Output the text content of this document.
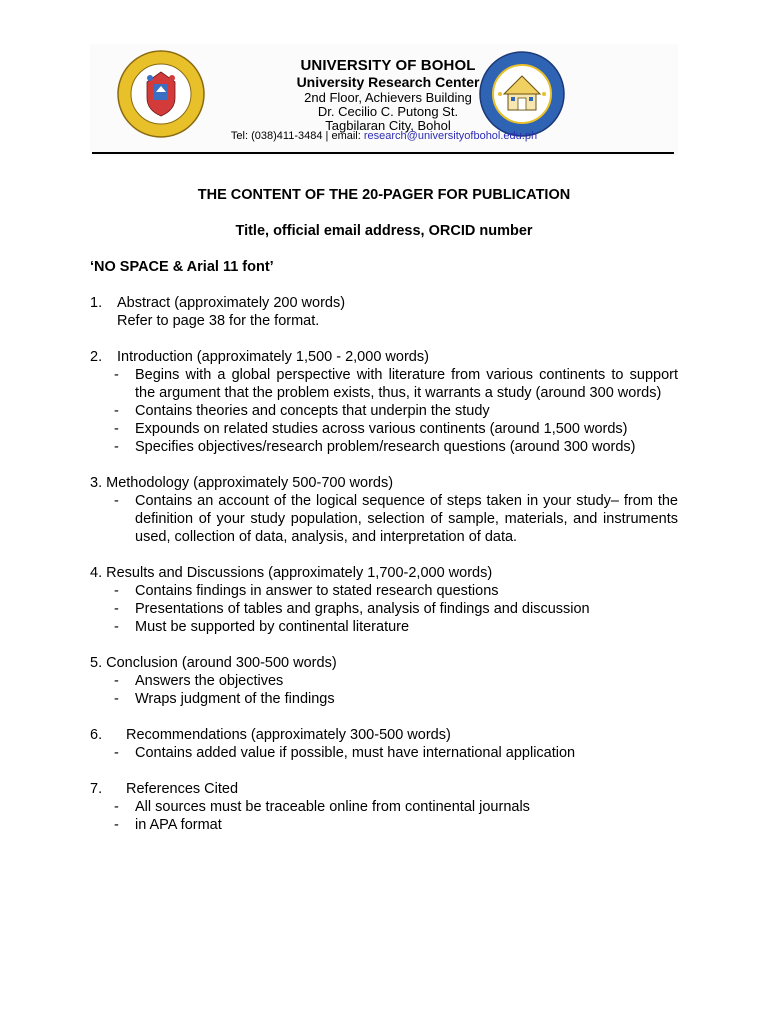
UNIVERSITY OF BOHOL
University Research Center
2nd Floor, Achievers Building
Dr. Cecilio C. Putong St.
Tagbilaran City, Bohol
Tel: (038)411-3484 | email: research@universityofbohol.edu.ph
THE CONTENT OF THE 20-PAGER FOR PUBLICATION
Title, official email address, ORCID number
‘NO SPACE & Arial 11 font’
1. Abstract (approximately 200 words)
Refer to page 38 for the format.
2. Introduction (approximately 1,500 - 2,000 words)
- Begins with a global perspective with literature from various continents to support the argument that the problem exists, thus, it warrants a study (around 300 words)
- Contains theories and concepts that underpin the study
- Expounds on related studies across various continents (around 1,500 words)
- Specifies objectives/research problem/research questions (around 300 words)
3. Methodology (approximately 500-700 words)
- Contains an account of the logical sequence of steps taken in your study– from the definition of your study population, selection of sample, materials, and instruments used, collection of data, analysis, and interpretation of data.
4. Results and Discussions (approximately 1,700-2,000 words)
- Contains findings in answer to stated research questions
- Presentations of tables and graphs, analysis of findings and discussion
- Must be supported by continental literature
5. Conclusion (around 300-500 words)
- Answers the objectives
- Wraps judgment of the findings
6. Recommendations (approximately 300-500 words)
- Contains added value if possible, must have international application
7. References Cited
- All sources must be traceable online from continental journals
- in APA format
